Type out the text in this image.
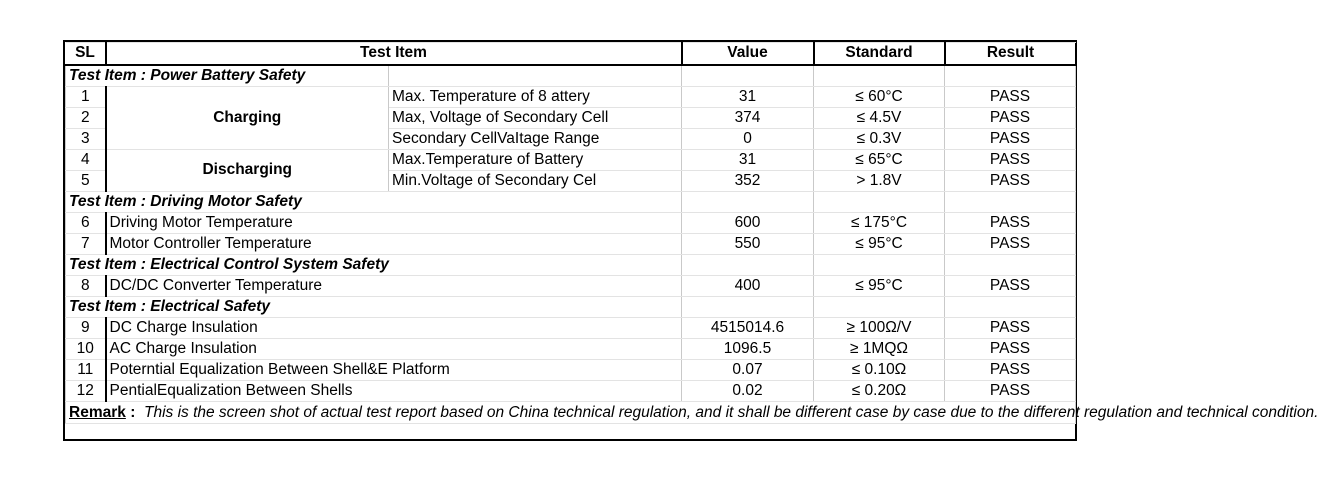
SL	Test Item		Value	Standard	Result
Test Item : Power Battery Safety					
1	Charging	Max. Temperature of 8 attery	31	≤ 60°C	PASS
2		Max, Voltage of Secondary Cell	374	≤ 4.5V	PASS
3		Secondary CellVaItage Range	0	≤ 0.3V	PASS
4	Discharging	Max.Temperature of Battery	31	≤ 65°C	PASS
5		Min.Voltage of Secondary Cel	352	> 1.8V	PASS
Test Item : Driving Motor Safety					
6	Driving Motor Temperature		600	≤ 175°C	PASS
7	Motor Controller Temperature		550	≤ 95°C	PASS
Test Item : Electrical Control System Safety					
8	DC/DC Converter Temperature		400	≤ 95°C	PASS
Test Item : Electrical Safety					
9	DC Charge Insulation		4515014.6	≥ 100Ω/V	PASS
10	AC Charge Insulation		1096.5	≥ 1MQΩ	PASS
11	Poterntial Equalization Between Shell&E Platform		0.07	≤ 0.10Ω	PASS
12	PentialEqualization Between Shells		0.02	≤ 0.20Ω	PASS
Remark : This is the screen shot of actual test report based on China technical regulation, and it shall be different case by case due to the different regulation and technical condition.					
